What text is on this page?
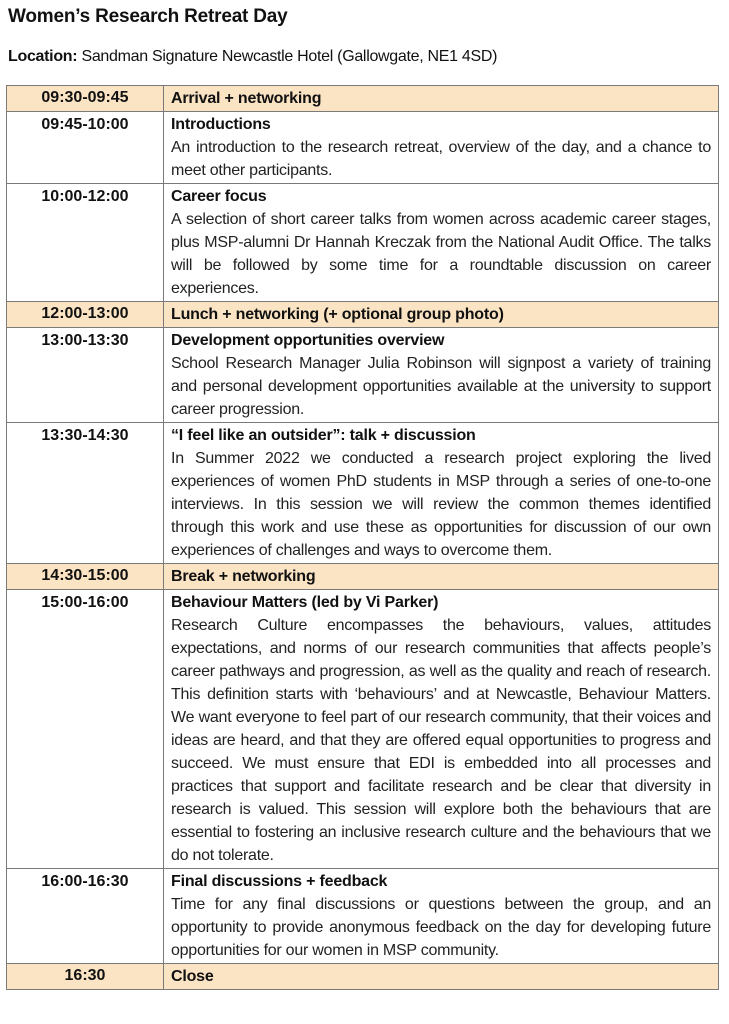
Women’s Research Retreat Day
Location: Sandman Signature Newcastle Hotel (Gallowgate, NE1 4SD)
09:30-09:45	Arrival + networking

09:45-10:00	Introductions
An introduction to the research retreat, overview of the day, and a chance to meet other participants.

10:00-12:00	Career focus
A selection of short career talks from women across academic career stages, plus MSP-alumni Dr Hannah Kreczak from the National Audit Office. The talks will be followed by some time for a roundtable discussion on career experiences.

12:00-13:00	Lunch + networking (+ optional group photo)

13:00-13:30	Development opportunities overview
School Research Manager Julia Robinson will signpost a variety of training and personal development opportunities available at the university to support career progression.

13:30-14:30	“I feel like an outsider”: talk + discussion
In Summer 2022 we conducted a research project exploring the lived experiences of women PhD students in MSP through a series of one-to-one interviews. In this session we will review the common themes identified through this work and use these as opportunities for discussion of our own experiences of challenges and ways to overcome them.

14:30-15:00	Break + networking

15:00-16:00	Behaviour Matters (led by Vi Parker)
Research Culture encompasses the behaviours, values, attitudes expectations, and norms of our research communities that affects people’s career pathways and progression, as well as the quality and reach of research. This definition starts with ‘behaviours’ and at Newcastle, Behaviour Matters. We want everyone to feel part of our research community, that their voices and ideas are heard, and that they are offered equal opportunities to progress and succeed. We must ensure that EDI is embedded into all processes and practices that support and facilitate research and be clear that diversity in research is valued. This session will explore both the behaviours that are essential to fostering an inclusive research culture and the behaviours that we do not tolerate.

16:00-16:30	Final discussions + feedback
Time for any final discussions or questions between the group, and an opportunity to provide anonymous feedback on the day for developing future opportunities for our women in MSP community.

16:30	Close
